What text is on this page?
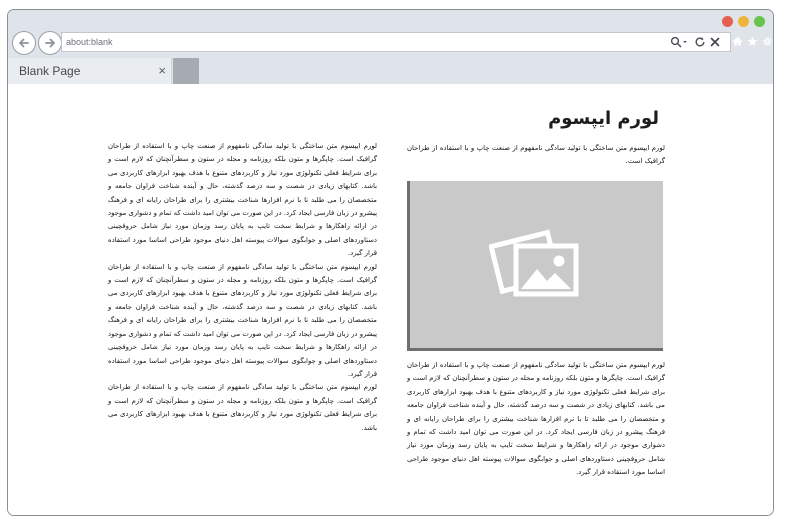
about:blank
Blank Page	×
لورم ایپسوم
لورم ایپسوم متن ساختگی با تولید سادگی نامفهوم از صنعت چاپ و با استفاده از طراحان گرافیک است.
لورم ایپسوم متن ساختگی با تولید سادگی نامفهوم از صنعت چاپ و با استفاده از طراحان گرافیک است. چاپگرها و متون بلکه روزنامه و مجله در ستون و سطرآنچنان که لازم است و برای شرایط فعلی تکنولوژی مورد نیاز و کاربردهای متنوع با هدف بهبود ابزارهای کاربردی می باشد. کتابهای زیادی در شصت و سه درصد گذشته، حال و آینده شناخت فراوان جامعه و متخصصان را می طلبد تا با نرم افزارها شناخت بیشتری را برای طراحان رایانه ای و فرهنگ پیشرو در زبان فارسی ایجاد کرد. در این صورت می توان امید داشت که تمام و دشواری موجود در ارائه راهکارها و شرایط سخت تایپ به پایان رسد وزمان مورد نیاز شامل حروفچینی دستاوردهای اصلی و جوابگوی سوالات پیوسته اهل دنیای موجود طراحی اساسا مورد استفاده قرار گیرد.
لورم ایپسوم متن ساختگی با تولید سادگی نامفهوم از صنعت چاپ و با استفاده از طراحان گرافیک است. چاپگرها و متون بلکه روزنامه و مجله در ستون و سطرآنچنان که لازم است و برای شرایط فعلی تکنولوژی مورد نیاز و کاربردهای متنوع با هدف بهبود ابزارهای کاربردی می باشد. کتابهای زیادی در شصت و سه درصد گذشته، حال و آینده شناخت فراوان جامعه و متخصصان را می طلبد تا با نرم افزارها شناخت بیشتری را برای طراحان رایانه ای و فرهنگ پیشرو در زبان فارسی ایجاد کرد. در این صورت می توان امید داشت که تمام و دشواری موجود در ارائه راهکارها و شرایط سخت تایپ به پایان رسد وزمان مورد نیاز شامل حروفچینی دستاوردهای اصلی و جوابگوی سوالات پیوسته اهل دنیای موجود طراحی اساسا مورد استفاده قرار گیرد.
لورم ایپسوم متن ساختگی با تولید سادگی نامفهوم از صنعت چاپ و با استفاده از طراحان گرافیک است. چاپگرها و متون بلکه روزنامه و مجله در ستون و سطرآنچنان که لازم است و برای شرایط فعلی تکنولوژی مورد نیاز و کاربردهای متنوع با هدف بهبود ابزارهای کاربردی می باشد. کتابهای زیادی در شصت و سه درصد گذشته، حال و آینده شناخت فراوان جامعه و متخصصان را می طلبد تا با نرم افزارها شناخت بیشتری را برای طراحان رایانه ای و فرهنگ پیشرو در زبان فارسی ایجاد کرد. در این صورت می توان امید داشت که تمام و دشواری موجود در ارائه راهکارها و شرایط سخت تایپ به پایان رسد وزمان مورد نیاز شامل حروفچینی دستاوردهای اصلی و جوابگوی سوالات پیوسته اهل دنیای موجود طراحی اساسا مورد استفاده قرار گیرد.
لورم ایپسوم متن ساختگی با تولید سادگی نامفهوم از صنعت چاپ و با استفاده از طراحان گرافیک است. چاپگرها و متون بلکه روزنامه و مجله در ستون و سطرآنچنان که لازم است و برای شرایط فعلی تکنولوژی مورد نیاز و کاربردهای متنوع با هدف بهبود ابزارهای کاربردی می باشد.
